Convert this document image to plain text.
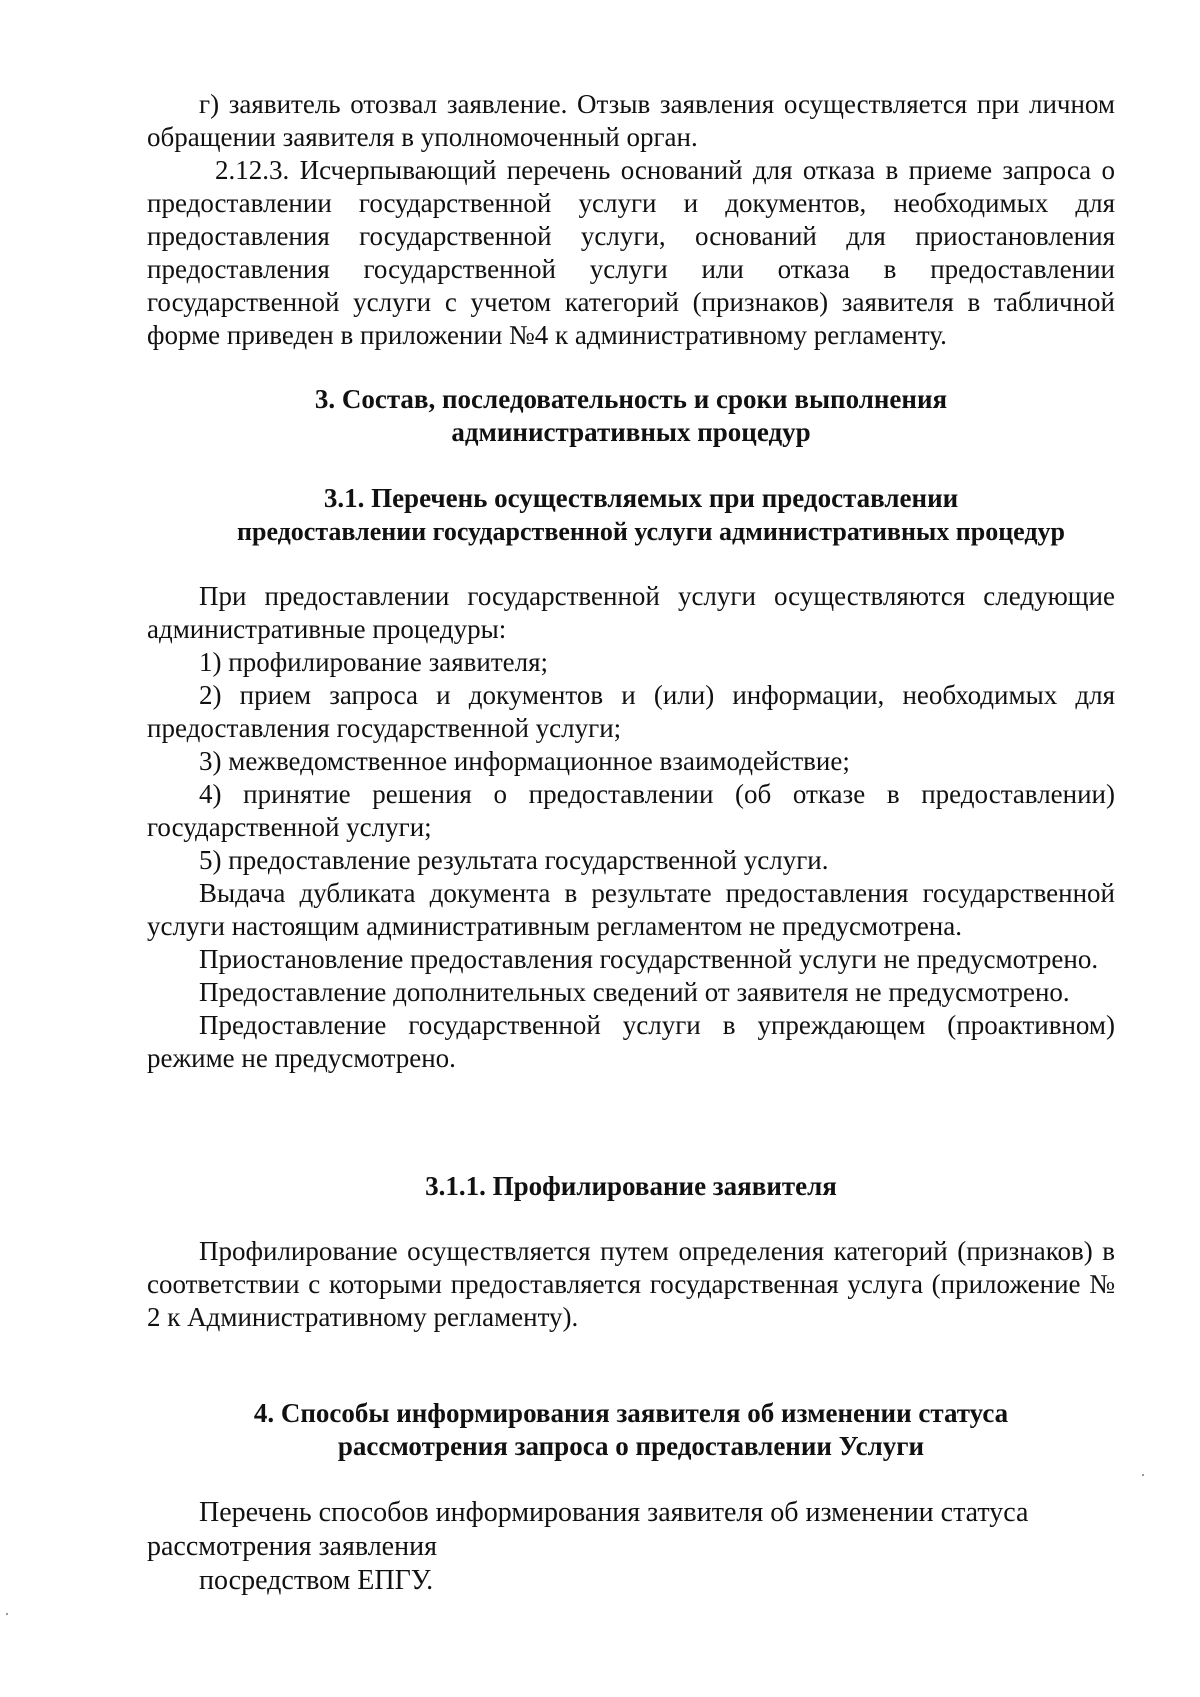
г) заявитель отозвал заявление. Отзыв заявления осуществляется при личном обращении заявителя в уполномоченный орган.

2.12.3. Исчерпывающий перечень оснований для отказа в приеме запроса о предоставлении государственной услуги и документов, необходимых для предоставления государственной услуги, оснований для приостановления предоставления государственной услуги или отказа в предоставлении государственной услуги с учетом категорий (признаков) заявителя в табличной форме приведен в приложении №4 к административному регламенту.

3. Состав, последовательность и сроки выполнения

административных процедур

3.1. Перечень осуществляемых при предоставлении

предоставлении государственной услуги административных процедур

При предоставлении государственной услуги осуществляются следующие административные процедуры:

1) профилирование заявителя;

2) прием запроса и документов и (или) информации, необходимых для предоставления государственной услуги;

3) межведомственное информационное взаимодействие;

4) принятие решения о предоставлении (об отказе в предоставлении) государственной услуги;

5) предоставление результата государственной услуги.

Выдача дубликата документа в результате предоставления государственной услуги настоящим административным регламентом не предусмотрена.

Приостановление предоставления государственной услуги не предусмотрено.

Предоставление дополнительных сведений от заявителя не предусмотрено.

Предоставление государственной услуги в упреждающем (проактивном) режиме не предусмотрено.

3.1.1. Профилирование заявителя

Профилирование осуществляется путем определения категорий (признаков) в соответствии с которыми предоставляется государственная услуга (приложение № 2 к Административному регламенту).

4. Способы информирования заявителя об изменении статуса

рассмотрения запроса о предоставлении Услуги

Перечень способов информирования заявителя об изменении статуса рассмотрения заявления

посредством ЕПГУ.
